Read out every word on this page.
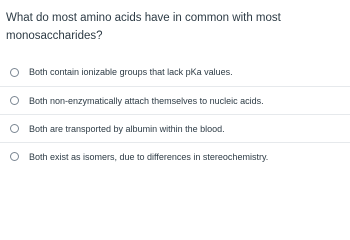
What do most amino acids have in common with most monosaccharides?
Both contain ionizable groups that lack pKa values.
Both non-enzymatically attach themselves to nucleic acids.
Both are transported by albumin within the blood.
Both exist as isomers, due to differences in stereochemistry.
